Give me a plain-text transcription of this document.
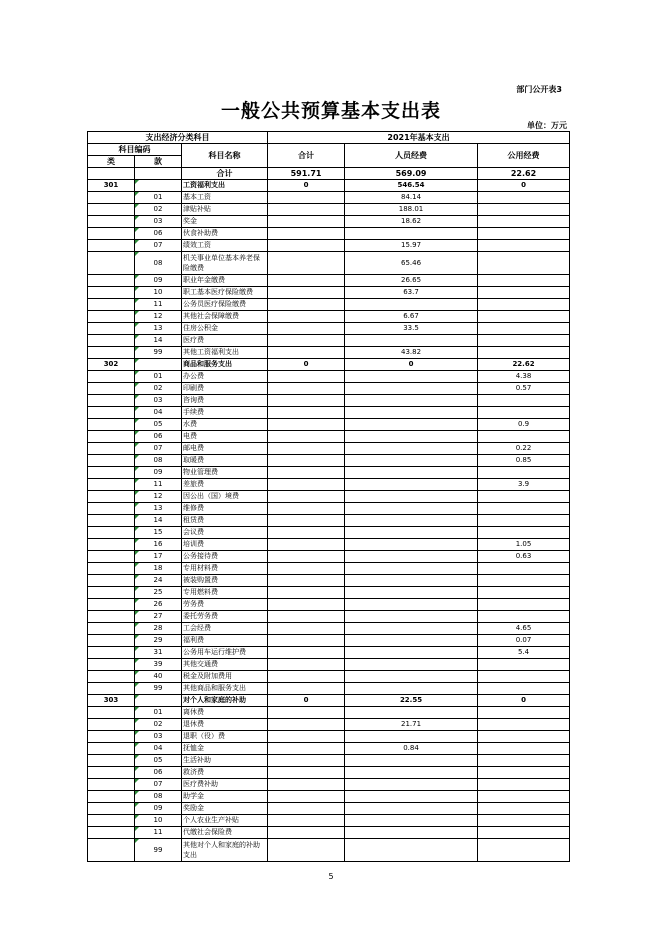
部门公开表3
一般公共预算基本支出表
单位：万元
支出经济分类科目			2021年基本支出		
科目编码		科目名称	合计	人员经费	公用经费
类	款				
		合计	591.71	569.09	22.62
301		工资福利支出	0	546.54	0
	01	基本工资		84.14	
	02	津贴补贴		188.01	
	03	奖金		18.62	
	06	伙食补助费			
	07	绩效工资		15.97	
	08	机关事业单位基本养老保险缴费		65.46	
	09	职业年金缴费		26.65	
	10	职工基本医疗保险缴费		63.7	
	11	公务员医疗保险缴费			
	12	其他社会保障缴费		6.67	
	13	住房公积金		33.5	
	14	医疗费			
	99	其他工资福利支出		43.82	
302		商品和服务支出	0	0	22.62
	01	办公费			4.38
	02	印刷费			0.57
	03	咨询费			
	04	手续费			
	05	水费			0.9
	06	电费			
	07	邮电费			0.22
	08	取暖费			0.85
	09	物业管理费			
	11	差旅费			3.9
	12	因公出（国）境费			
	13	维修费			
	14	租赁费			
	15	会议费			
	16	培训费			1.05
	17	公务接待费			0.63
	18	专用材料费			
	24	被装购置费			
	25	专用燃料费			
	26	劳务费			
	27	委托劳务费			
	28	工会经费			4.65
	29	福利费			0.07
	31	公务用车运行维护费			5.4
	39	其他交通费			
	40	税金及附加费用			
	99	其他商品和服务支出			
303		对个人和家庭的补助	0	22.55	0
	01	离休费			
	02	退休费		21.71	
	03	退职（役）费			
	04	抚恤金		0.84	
	05	生活补助			
	06	救济费			
	07	医疗费补助			
	08	助学金			
	09	奖励金			
	10	个人农业生产补贴			
	11	代缴社会保险费			
	99	其他对个人和家庭的补助支出			
5
